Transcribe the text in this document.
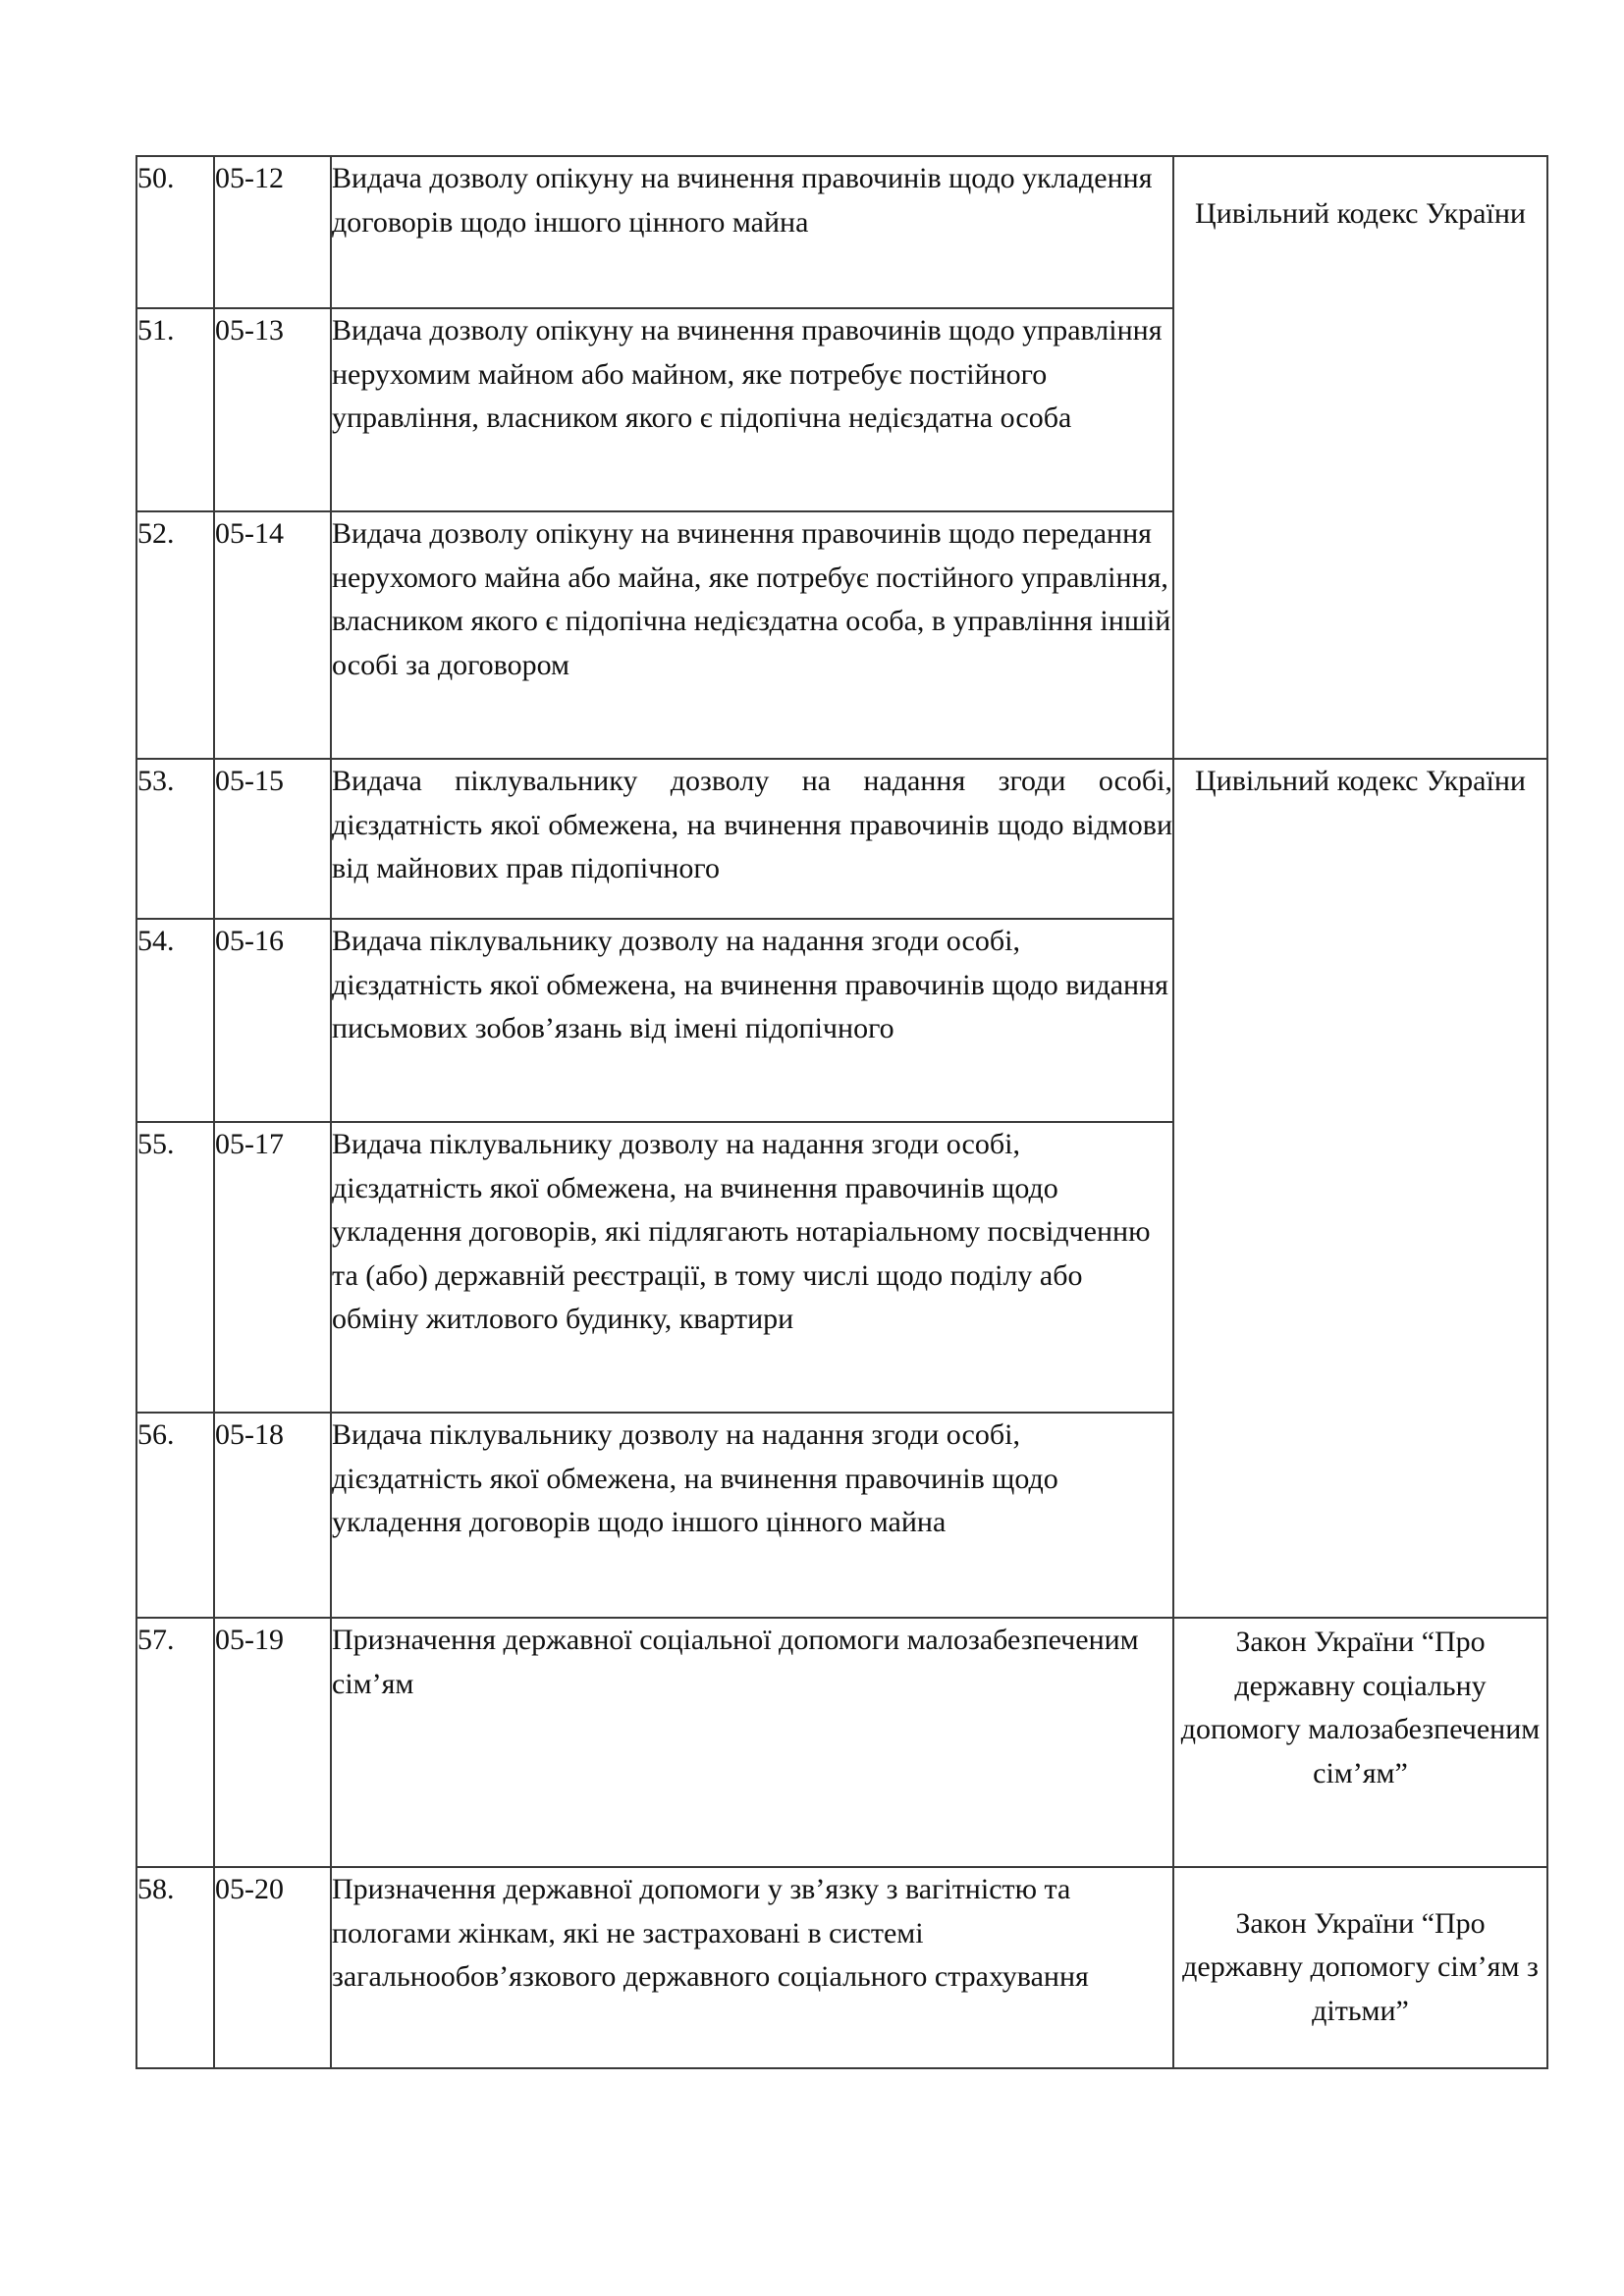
50.	05-12	Видача дозволу опікуну на вчинення правочинів щодо укладення договорів щодо іншого цінного майна	Цивільний кодекс України
51.	05-13	Видача дозволу опікуну на вчинення правочинів щодо управління нерухомим майном або майном, яке потребує постійного управління, власником якого є підопічна недієздатна особа	
52.	05-14	Видача дозволу опікуну на вчинення правочинів щодо передання нерухомого майна або майна, яке потребує постійного управління, власником якого є підопічна недієздатна особа, в управління іншій особі за договором	
53.	05-15	Видача піклувальнику дозволу на надання згоди особі, дієздатність якої обмежена, на вчинення правочинів щодо відмови від майнових прав підопічного	Цивільний кодекс України
54.	05-16	Видача піклувальнику дозволу на надання згоди особі, дієздатність якої обмежена, на вчинення правочинів щодо видання письмових зобов’язань від імені підопічного	
55.	05-17	Видача піклувальнику дозволу на надання згоди особі, дієздатність якої обмежена, на вчинення правочинів щодо укладення договорів, які підлягають нотаріальному посвідченню та (або) державній реєстрації, в тому числі щодо поділу або обміну житлового будинку, квартири	
56.	05-18	Видача піклувальнику дозволу на надання згоди особі, дієздатність якої обмежена, на вчинення правочинів щодо укладення договорів щодо іншого цінного майна	
57.	05-19	Призначення державної соціальної допомоги малозабезпеченим сім’ям	Закон України “Про державну соціальну допомогу малозабезпеченим сім’ям”
58.	05-20	Призначення державної допомоги у зв’язку з вагітністю та пологами жінкам, які не застраховані в системі загальнообов’язкового державного соціального страхування	Закон України “Про державну допомогу сім’ям з дітьми”
